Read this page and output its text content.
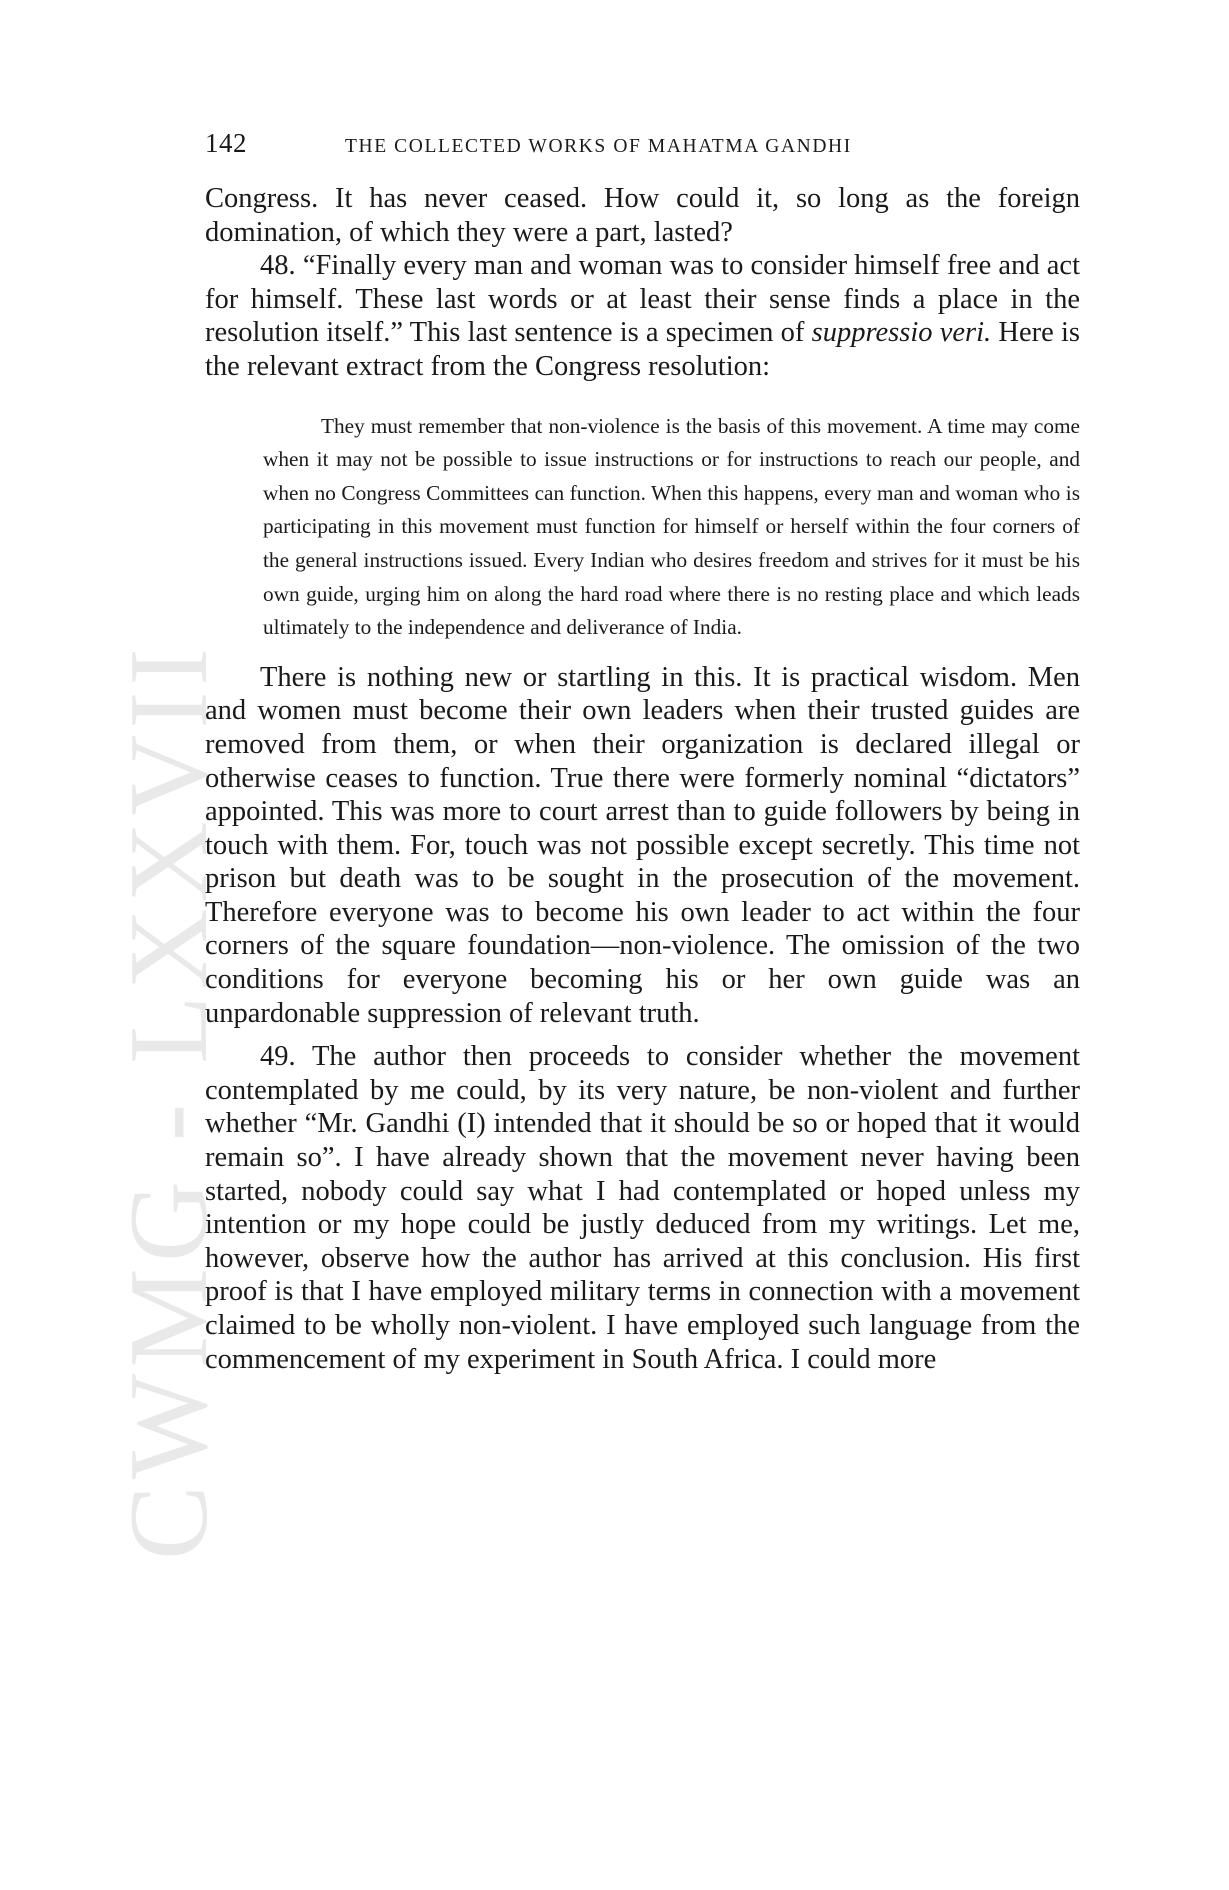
CWMG - LXXVII
142	THE COLLECTED WORKS OF MAHATMA GANDHI

Congress. It has never ceased. How could it, so long as the foreign domination, of which they were a part, lasted?

48. “Finally every man and woman was to consider himself free and act for himself. These last words or at least their sense finds a place in the resolution itself.” This last sentence is a specimen of suppressio veri. Here is the relevant extract from the Congress resolution:

They must remember that non-violence is the basis of this movement. A time may come when it may not be possible to issue instructions or for instructions to reach our people, and when no Congress Committees can function. When this happens, every man and woman who is participating in this movement must function for himself or herself within the four corners of the general instructions issued. Every Indian who desires freedom and strives for it must be his own guide, urging him on along the hard road where there is no resting place and which leads ultimately to the independence and deliverance of India.

There is nothing new or startling in this. It is practical wisdom. Men and women must become their own leaders when their trusted guides are removed from them, or when their organization is declared illegal or otherwise ceases to function. True there were formerly nominal “dictators” appointed. This was more to court arrest than to guide followers by being in touch with them. For, touch was not possible except secretly. This time not prison but death was to be sought in the prosecution of the movement. Therefore everyone was to become his own leader to act within the four corners of the square foundation—non-violence. The omission of the two conditions for everyone becoming his or her own guide was an unpardonable suppression of relevant truth.

49. The author then proceeds to consider whether the movement contemplated by me could, by its very nature, be non-violent and further whether “Mr. Gandhi (I) intended that it should be so or hoped that it would remain so”. I have already shown that the movement never having been started, nobody could say what I had contemplated or hoped unless my intention or my hope could be justly deduced from my writings. Let me, however, observe how the author has arrived at this conclusion. His first proof is that I have employed military terms in connection with a movement claimed to be wholly non-violent. I have employed such language from the commencement of my experiment in South Africa. I could more
